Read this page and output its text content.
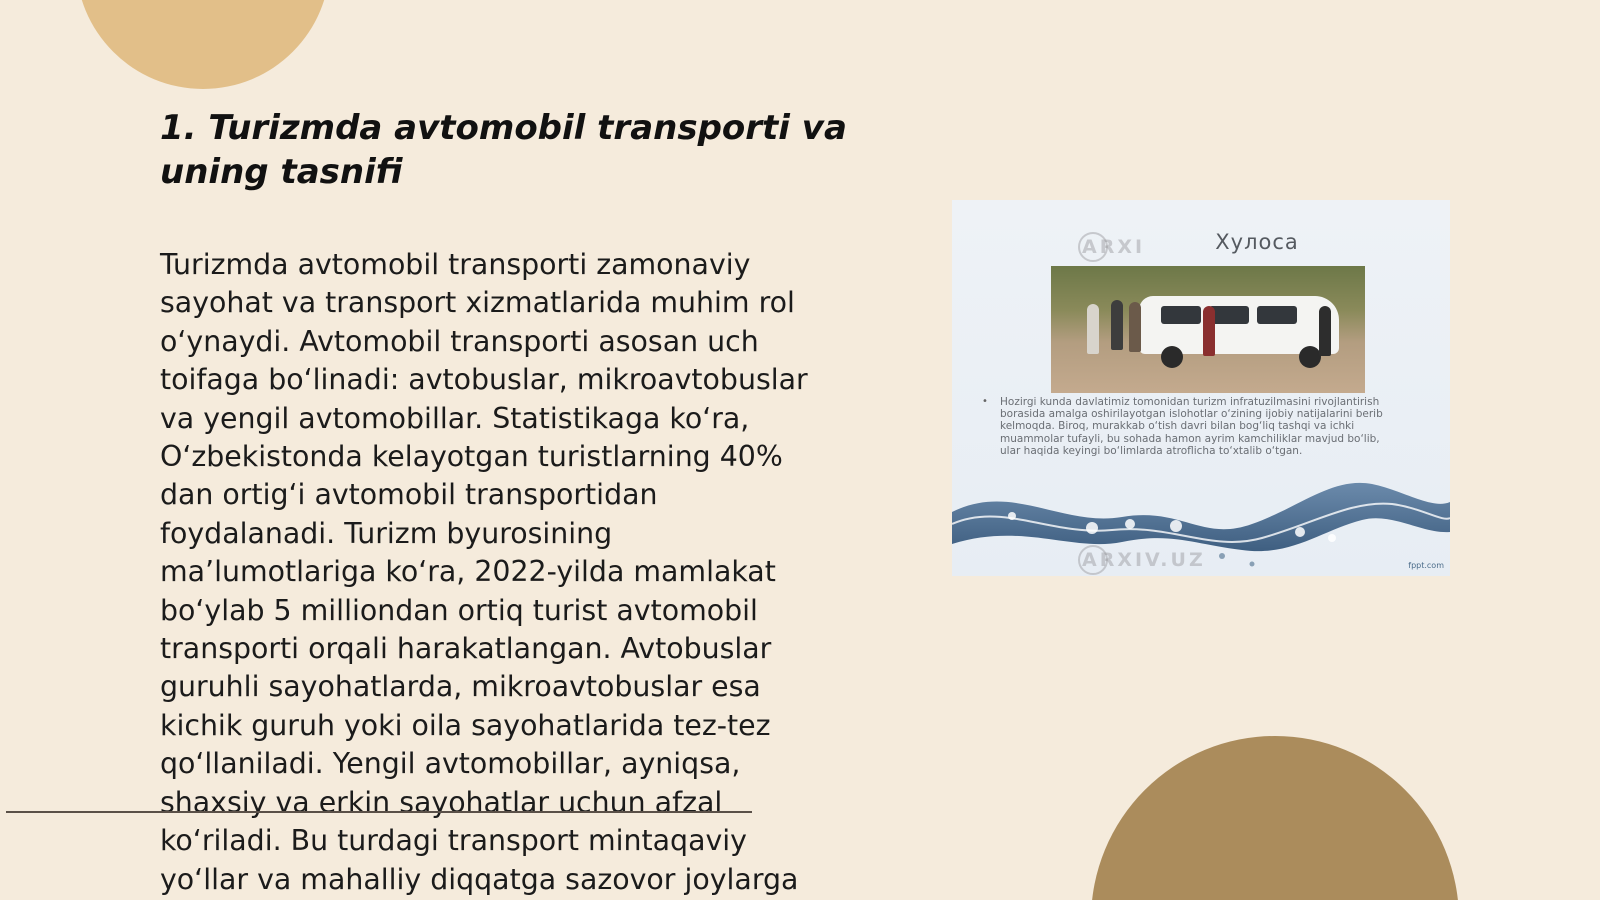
1. Turizmda avtomobil transporti va uning tasnifi
Turizmda avtomobil transporti zamonaviy
sayohat va transport xizmatlarida muhim rol
o‘ynaydi. Avtomobil transporti asosan uch
toifaga bo‘linadi: avtobuslar, mikroavtobuslar
va yengil avtomobillar. Statistikaga ko‘ra,
O‘zbekistonda kelayotgan turistlarning 40%
dan ortig‘i avtomobil transportidan
foydalanadi. Turizm byurosining
ma’lumotlariga ko‘ra, 2022-yilda mamlakat
bo‘ylab 5 milliondan ortiq turist avtomobil
transporti orqali harakatlangan. Avtobuslar
guruhli sayohatlarda, mikroavtobuslar esa
kichik guruh yoki oila sayohatlarida tez-tez
qo‘llaniladi. Yengil avtomobillar, ayniqsa,
shaxsiy va erkin sayohatlar uchun afzal
ko‘riladi. Bu turdagi transport mintaqaviy
yo‘llar va mahalliy diqqatga sazovor joylarga
ARXI	Xyлoca
• Hozirgi kunda davlatimiz tomonidan turizm infratuzilmasini rivojlantirish borasida amalga oshirilayotgan islohotlar o‘zining ijobiy natijalarini berib kelmoqda. Biroq, murakkab o‘tish davri bilan bog‘liq tashqi va ichki muammolar tufayli, bu sohada hamon ayrim kamchiliklar mavjud bo‘lib, ular haqida keyingi bo‘limlarda atroflicha to‘xtalib o‘tgan.

ARXIV.UZ	fppt.com
